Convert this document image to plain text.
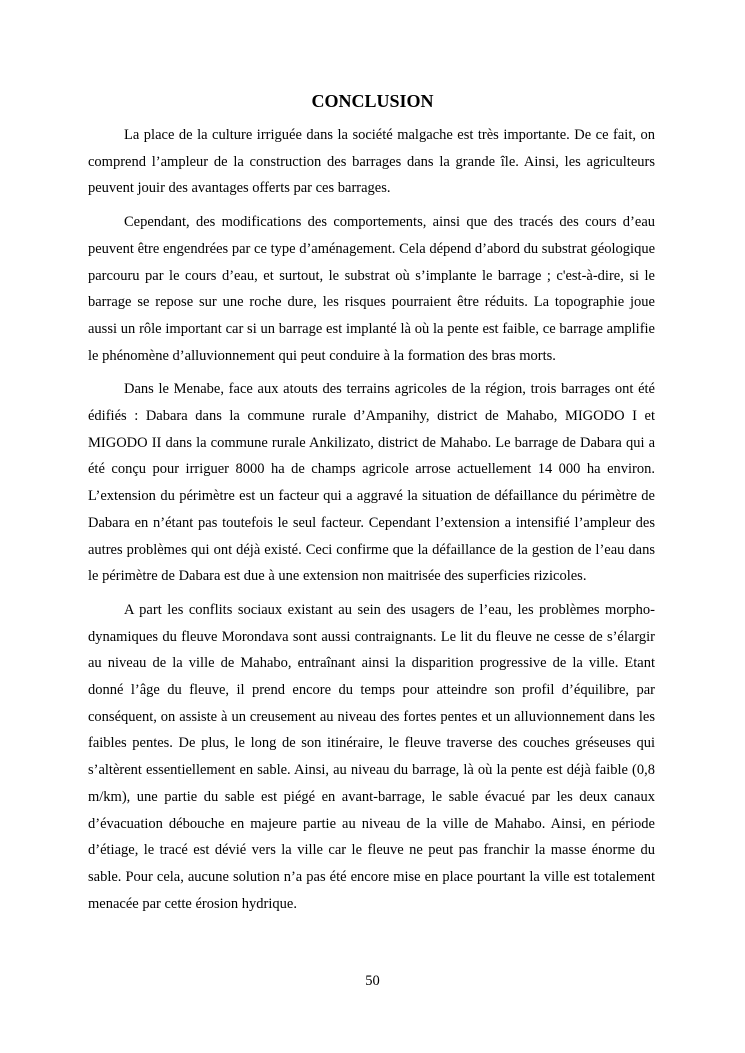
CONCLUSION

La place de la culture irriguée dans la société malgache est très importante. De ce fait, on comprend l’ampleur de la construction des barrages dans la grande île. Ainsi, les agriculteurs peuvent jouir des avantages offerts par ces barrages.

Cependant, des modifications des comportements, ainsi que des tracés des cours d’eau peuvent être engendrées par ce type d’aménagement. Cela dépend d’abord du substrat géologique parcouru par le cours d’eau, et surtout, le substrat où s’implante le barrage ; c'est-à-dire, si le barrage se repose sur une roche dure, les risques pourraient être réduits. La topographie joue aussi un rôle important car si un barrage est implanté là où la pente est faible, ce barrage amplifie le phénomène d’alluvionnement qui peut conduire à la formation des bras morts.

Dans le Menabe, face aux atouts des terrains agricoles de la région, trois barrages ont été édifiés : Dabara dans la commune rurale d’Ampanihy, district de Mahabo, MIGODO I et MIGODO II dans la commune rurale Ankilizato, district de Mahabo. Le barrage de Dabara qui a été conçu pour irriguer 8000 ha de champs agricole arrose actuellement 14 000 ha environ. L’extension du périmètre est un facteur qui a aggravé la situation de défaillance du périmètre de Dabara en n’étant pas toutefois le seul facteur. Cependant l’extension a intensifié l’ampleur des autres problèmes qui ont déjà existé. Ceci confirme que la défaillance de la gestion de l’eau dans le périmètre de Dabara est due à une extension non maitrisée des superficies rizicoles.

A part les conflits sociaux existant au sein des usagers de l’eau, les problèmes morpho-dynamiques du fleuve Morondava sont aussi contraignants. Le lit du fleuve ne cesse de s’élargir au niveau de la ville de Mahabo, entraînant ainsi la disparition progressive de la ville. Etant donné l’âge du fleuve, il prend encore du temps pour atteindre son profil d’équilibre, par conséquent, on assiste à un creusement au niveau des fortes pentes et un alluvionnement dans les faibles pentes. De plus, le long de son itinéraire, le fleuve traverse des couches gréseuses qui s’altèrent essentiellement en sable. Ainsi, au niveau du barrage, là où la pente est déjà faible (0,8 m/km), une partie du sable est piégé en avant-barrage, le sable évacué par les deux canaux d’évacuation débouche en majeure partie au niveau de la ville de Mahabo. Ainsi, en période d’étiage, le tracé est dévié vers la ville car le fleuve ne peut pas franchir la masse énorme du sable. Pour cela, aucune solution n’a pas été encore mise en place pourtant la ville est totalement menacée par cette érosion hydrique.

50
